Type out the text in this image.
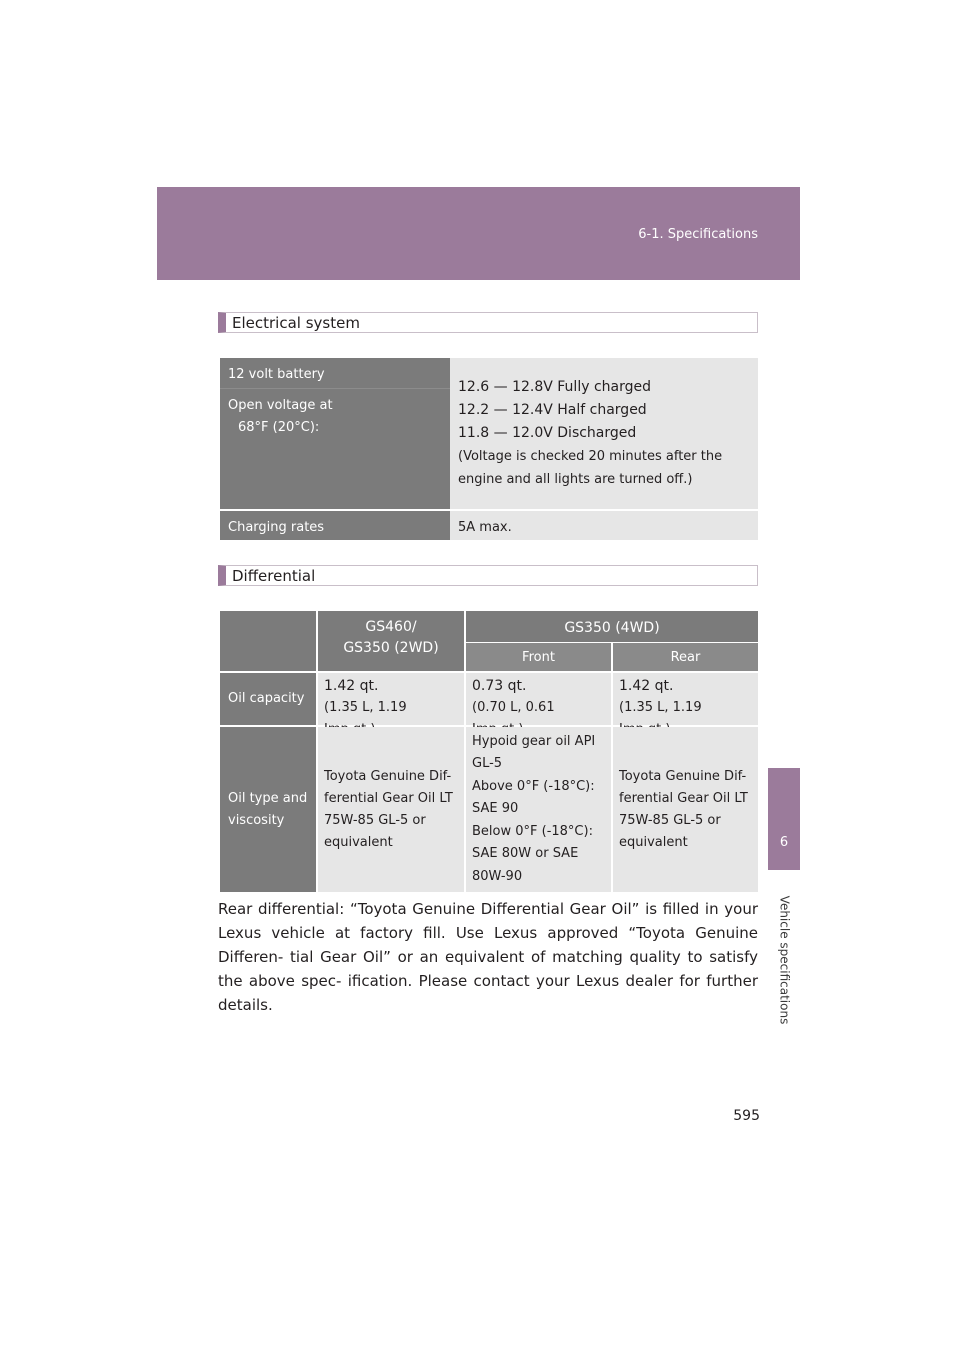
6-1. Specifications
6
Vehicle specifications
Electrical system
12 volt battery
Open voltage at
68°F (20°C):
12.6 — 12.8V Fully charged
12.2 — 12.4V Half charged
11.8 — 12.0V Discharged
(Voltage is checked 20 minutes after the
engine and all lights are turned off.)
Charging rates	5A max.
Differential
GS460/
GS350 (2WD)
GS350 (4WD)
Front	Rear
Oil capacity
1.42 qt.
(1.35 L, 1.19
0.73 qt.
(0.70 L, 0.61
1.42 qt.
(1.35 L, 1.19
Oil type and
viscosity
Toyota Genuine Dif-
ferential Gear Oil LT
75W-85 GL-5 or
equivalent
Hypoid gear oil API
GL-5
Above 0°F (-18°C):
SAE 90
Below 0°F (-18°C):
SAE 80W or SAE
80W-90
Toyota Genuine Dif-
ferential Gear Oil LT
75W-85 GL-5 or
equivalent
Rear differential: “Toyota Genuine Differential Gear Oil” is filled in your Lexus vehicle at factory fill. Use Lexus approved “Toyota Genuine Differen- tial Gear Oil” or an equivalent of matching quality to satisfy the above spec- ification. Please contact your Lexus dealer for further details.
595
